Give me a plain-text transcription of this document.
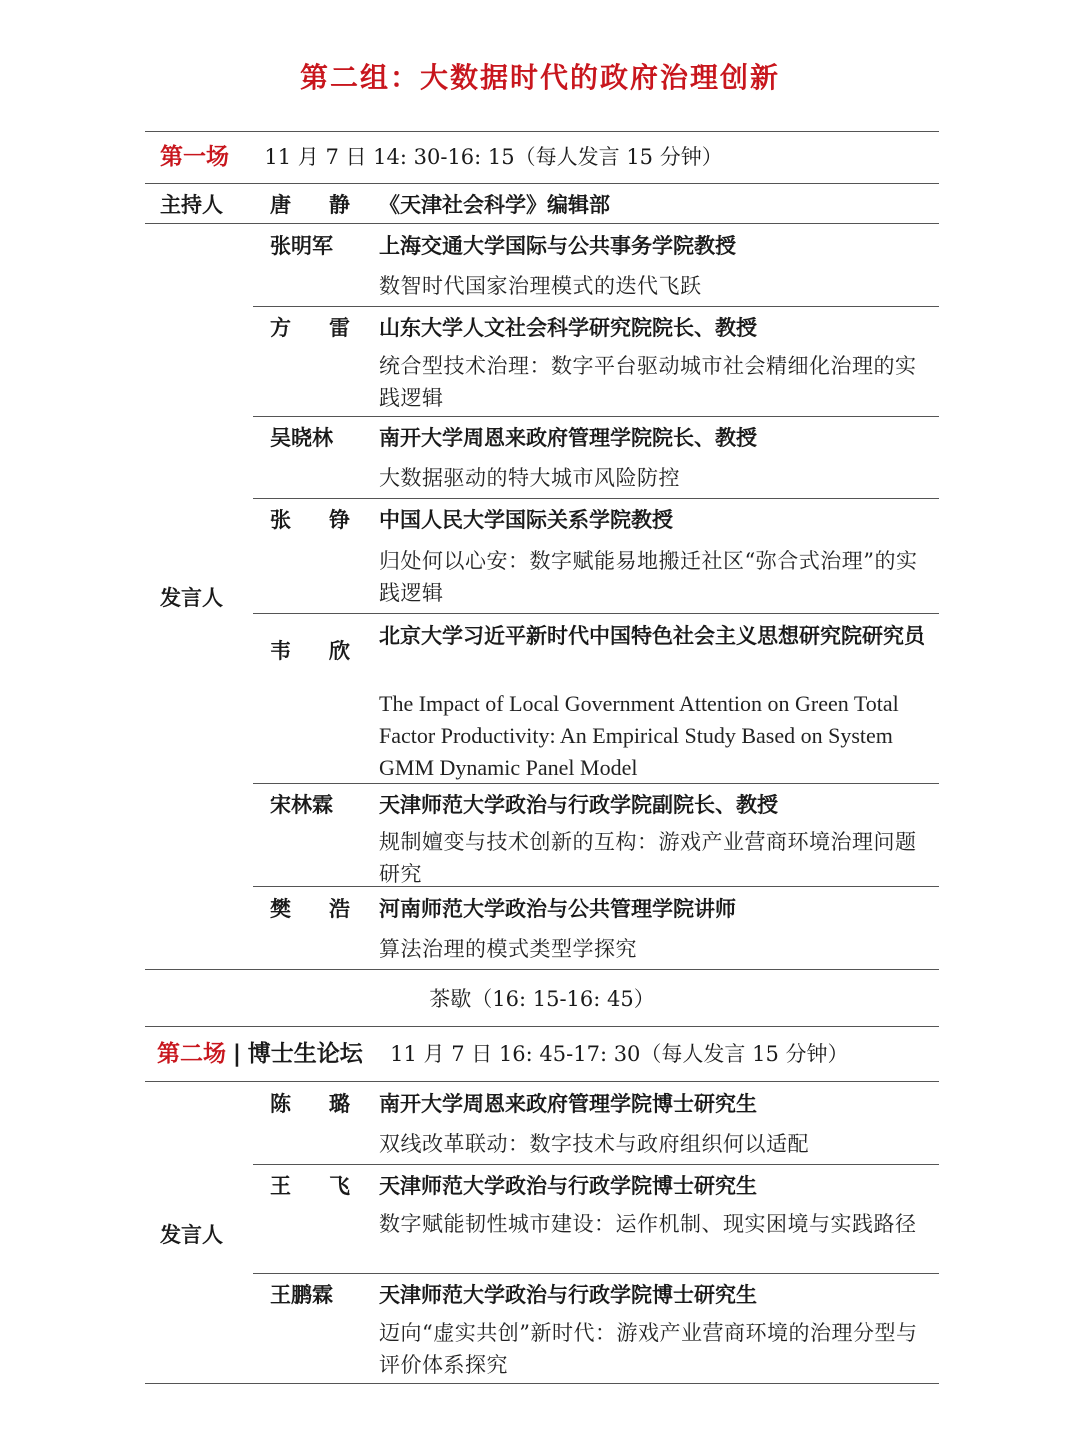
第二组：大数据时代的政府治理创新
第一场 11 月 7 日 14: 30-16: 15（每人发言 15 分钟）
主持人	唐　静 《天津社会科学》编辑部
发言人
张明军	上海交通大学国际与公共事务学院教授
数智时代国家治理模式的迭代飞跃
方　雷 山东大学人文社会科学研究院院长、教授
统合型技术治理：数字平台驱动城市社会精细化治理的实践逻辑
吴晓林	南开大学周恩来政府管理学院院长、教授
大数据驱动的特大城市风险防控
张　铮 中国人民大学国际关系学院教授
归处何以心安：数字赋能易地搬迁社区“弥合式治理”的实践逻辑
韦　欣
北京大学习近平新时代中国特色社会主义思想研究院研究员
The Impact of Local Government Attention on Green Total Factor Productivity: An Empirical Study Based on System GMM Dynamic Panel Model
宋林霖	天津师范大学政治与行政学院副院长、教授
规制嬗变与技术创新的互构：游戏产业营商环境治理问题研究
樊　浩 河南师范大学政治与公共管理学院讲师
算法治理的模式类型学探究
茶歇（16: 15-16: 45）
第二场 | 博士生论坛 11 月 7 日 16: 45-17: 30（每人发言 15 分钟）
发言人
陈　璐 南开大学周恩来政府管理学院博士研究生
双线改革联动：数字技术与政府组织何以适配
王　飞 天津师范大学政治与行政学院博士研究生
数字赋能韧性城市建设：运作机制、现实困境与实践路径
王鹏霖	天津师范大学政治与行政学院博士研究生
迈向“虚实共创”新时代：游戏产业营商环境的治理分型与评价体系探究
